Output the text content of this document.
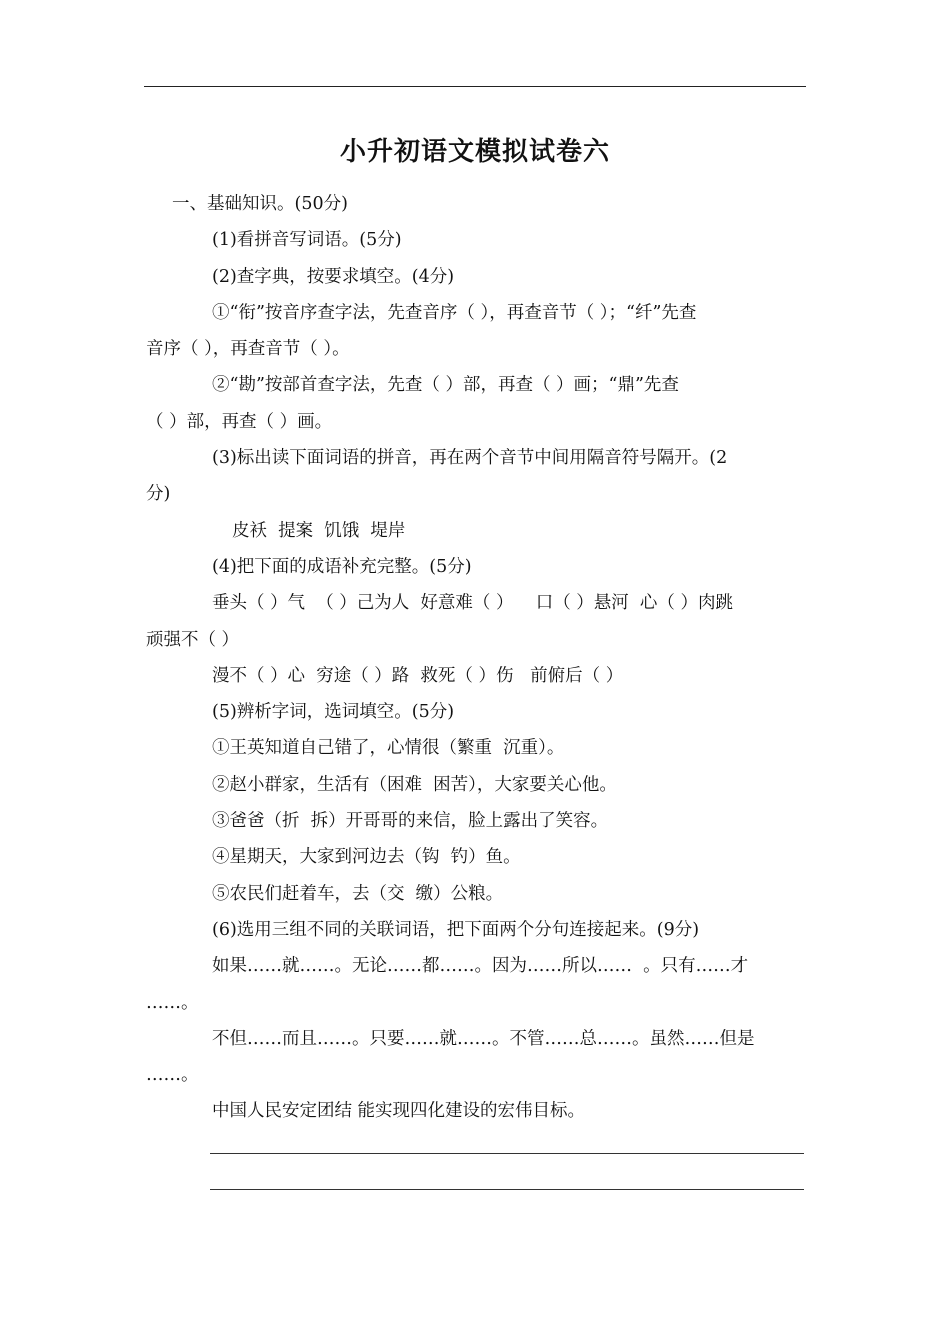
小升初语文模拟试卷六

一、基础知识。(50分)

(1)看拼音写词语。(5分)

(2)查字典，按要求填空。(4分)

①“衔”按音序查字法，先查音序（ ），再查音节（ ）；“纤”先查

音序（ ），再查音节（ ）。

②“勘”按部首查字法，先查（ ）部，再查（ ）画；“鼎”先查

（ ）部，再查（ ）画。

(3)标出读下面词语的拼音，再在两个音节中间用隔音符号隔开。(2

分)

皮袄  提案  饥饿  堤岸

(4)把下面的成语补充完整。(5分)

垂头（ ）气  （ ）己为人  好意难（ ）    口（ ）悬河  心（ ）肉跳

顽强不（ ）

漫不（ ）心  穷途（ ）路  救死（ ）伤   前俯后（ ）

(5)辨析字词，选词填空。(5分)

①王英知道自己错了，心情很（繁重  沉重）。

②赵小群家，生活有（困难  困苦），大家要关心他。

③爸爸（折  拆）开哥哥的来信，脸上露出了笑容。

④星期天，大家到河边去（钩  钓）鱼。

⑤农民们赶着车，去（交  缴）公粮。

(6)选用三组不同的关联词语，把下面两个分句连接起来。(9分)

如果……就……。无论……都……。因为……所以……  。只有……才

……。

不但……而且……。只要……就……。不管……总……。虽然……但是

……。

中国人民安定团结 能实现四化建设的宏伟目标。
